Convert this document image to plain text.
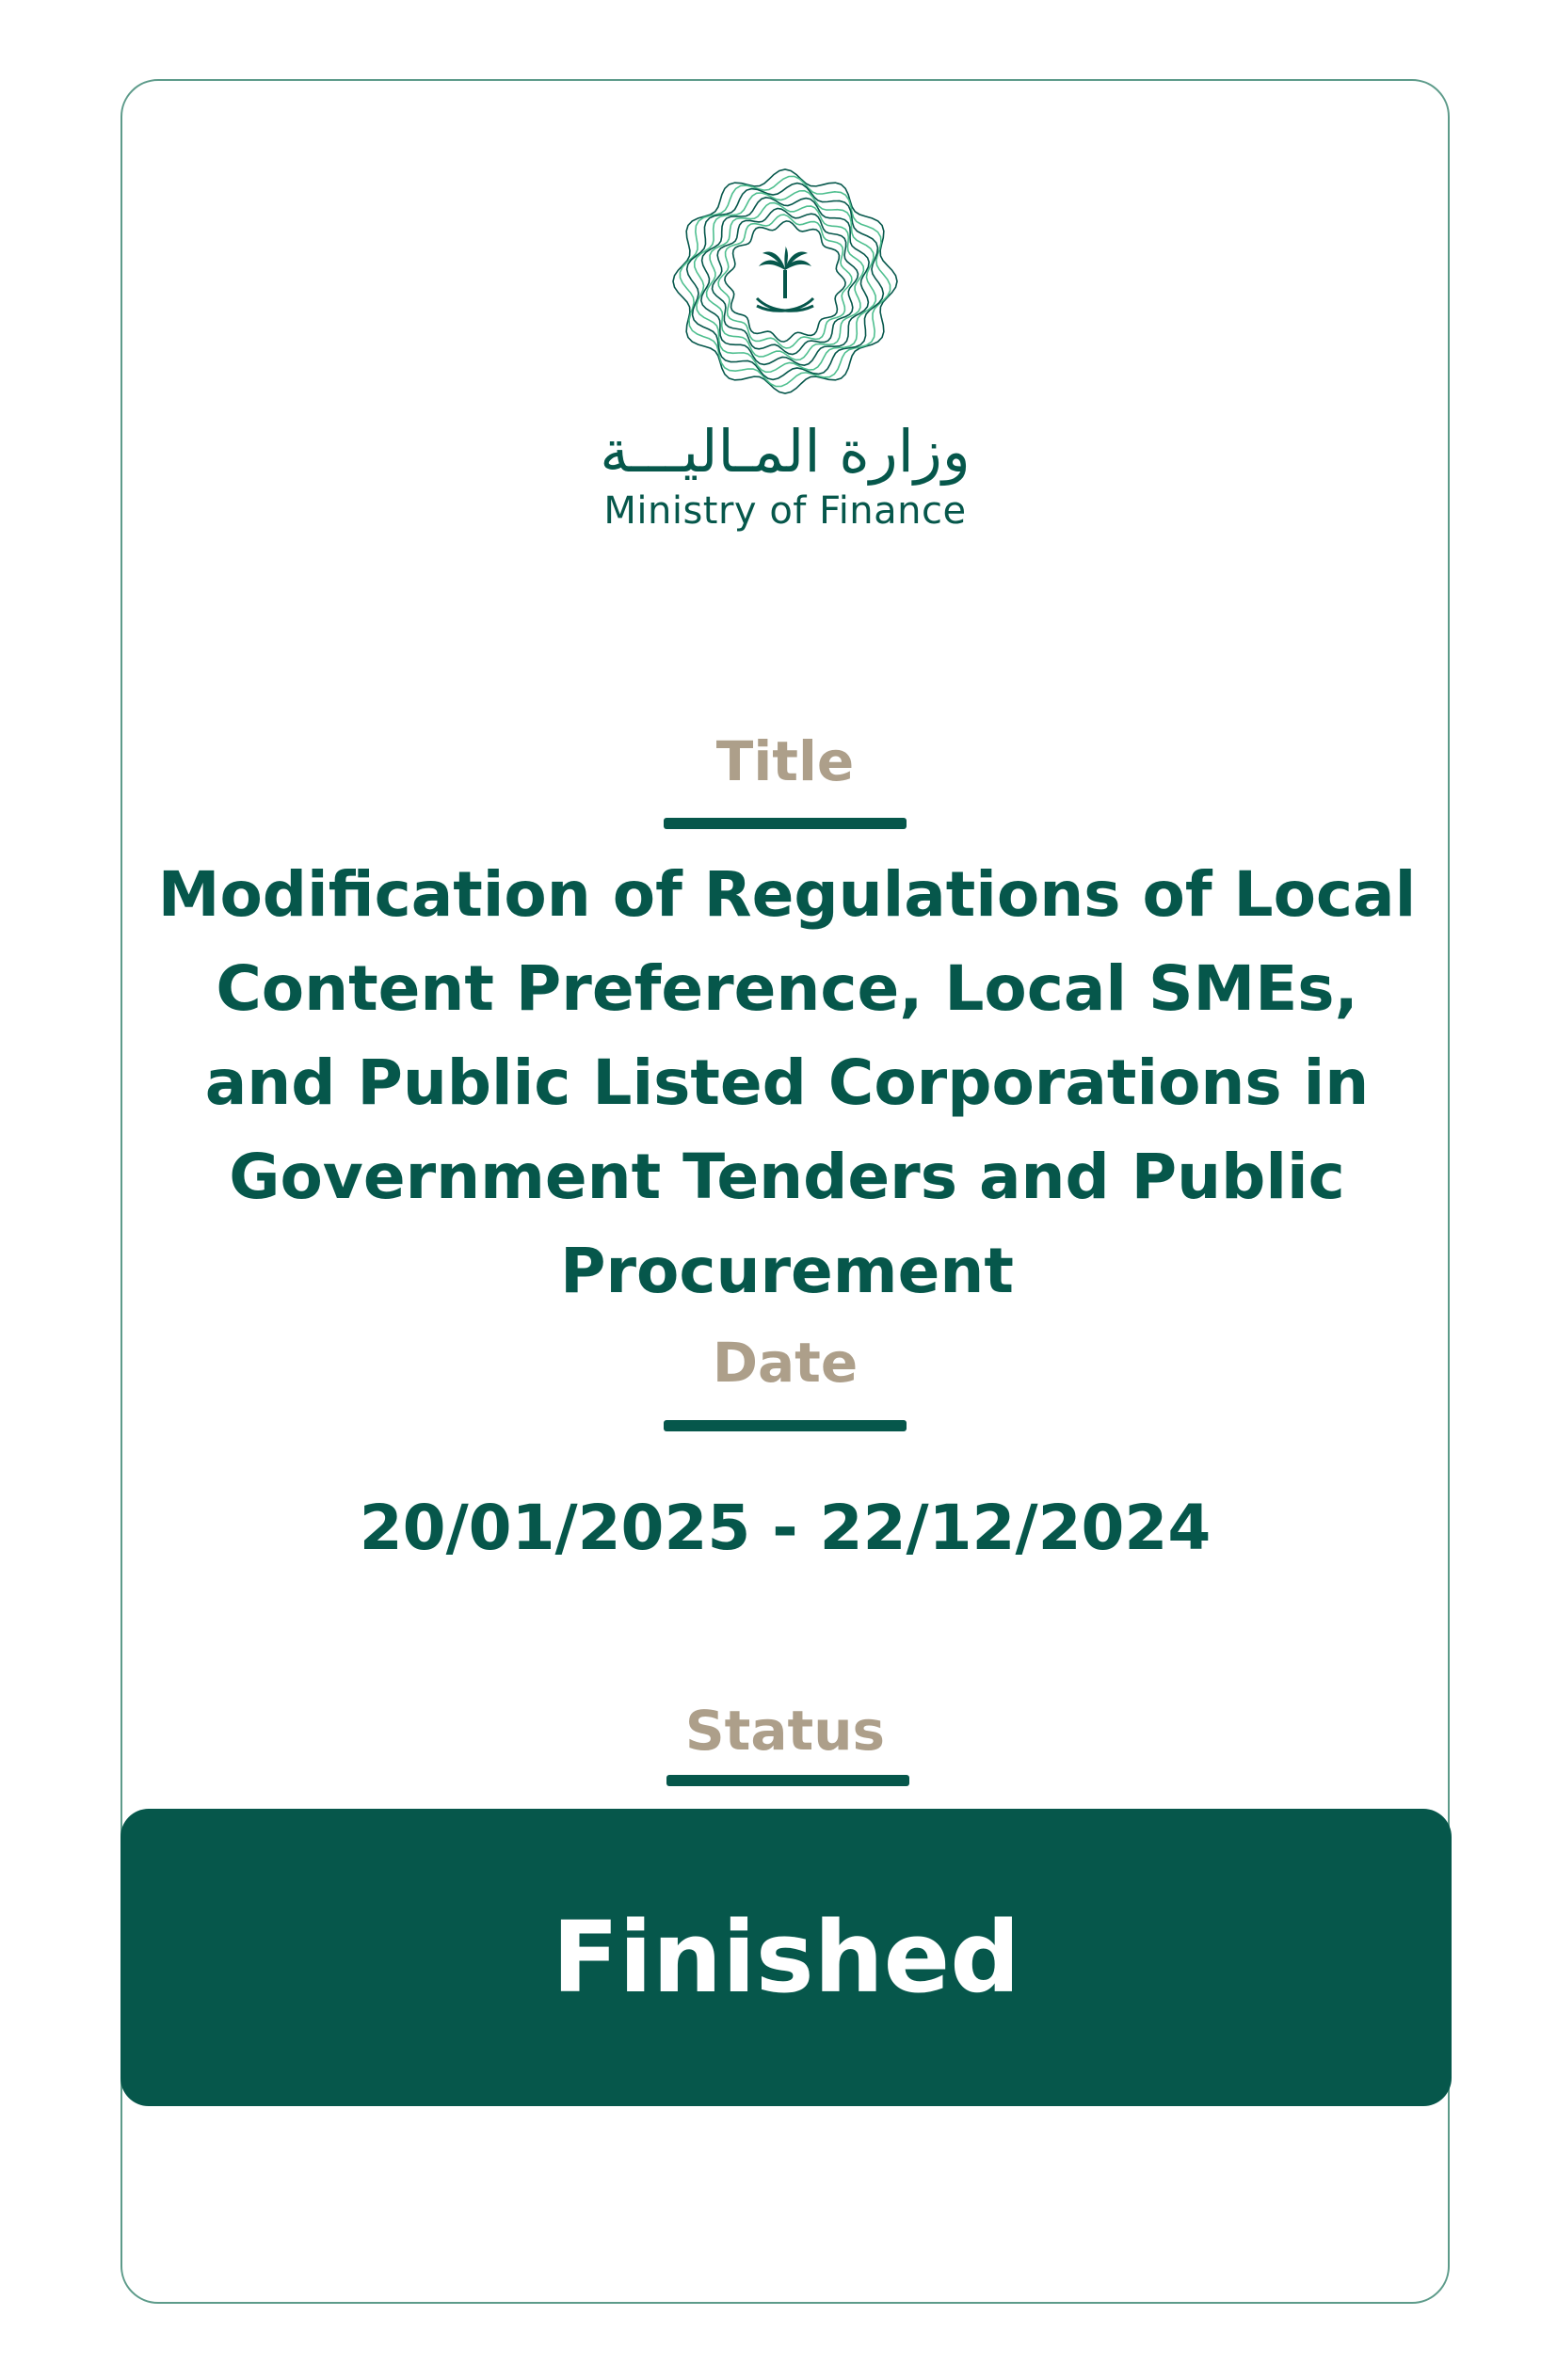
وزارة المـاليـــة
Ministry of Finance
Title
Modification of Regulations of Local Content Preference, Local SMEs, and Public Listed Corporations in Government Tenders and Public Procurement
Date
20/01/2025 - 22/12/2024
Status
Finished
